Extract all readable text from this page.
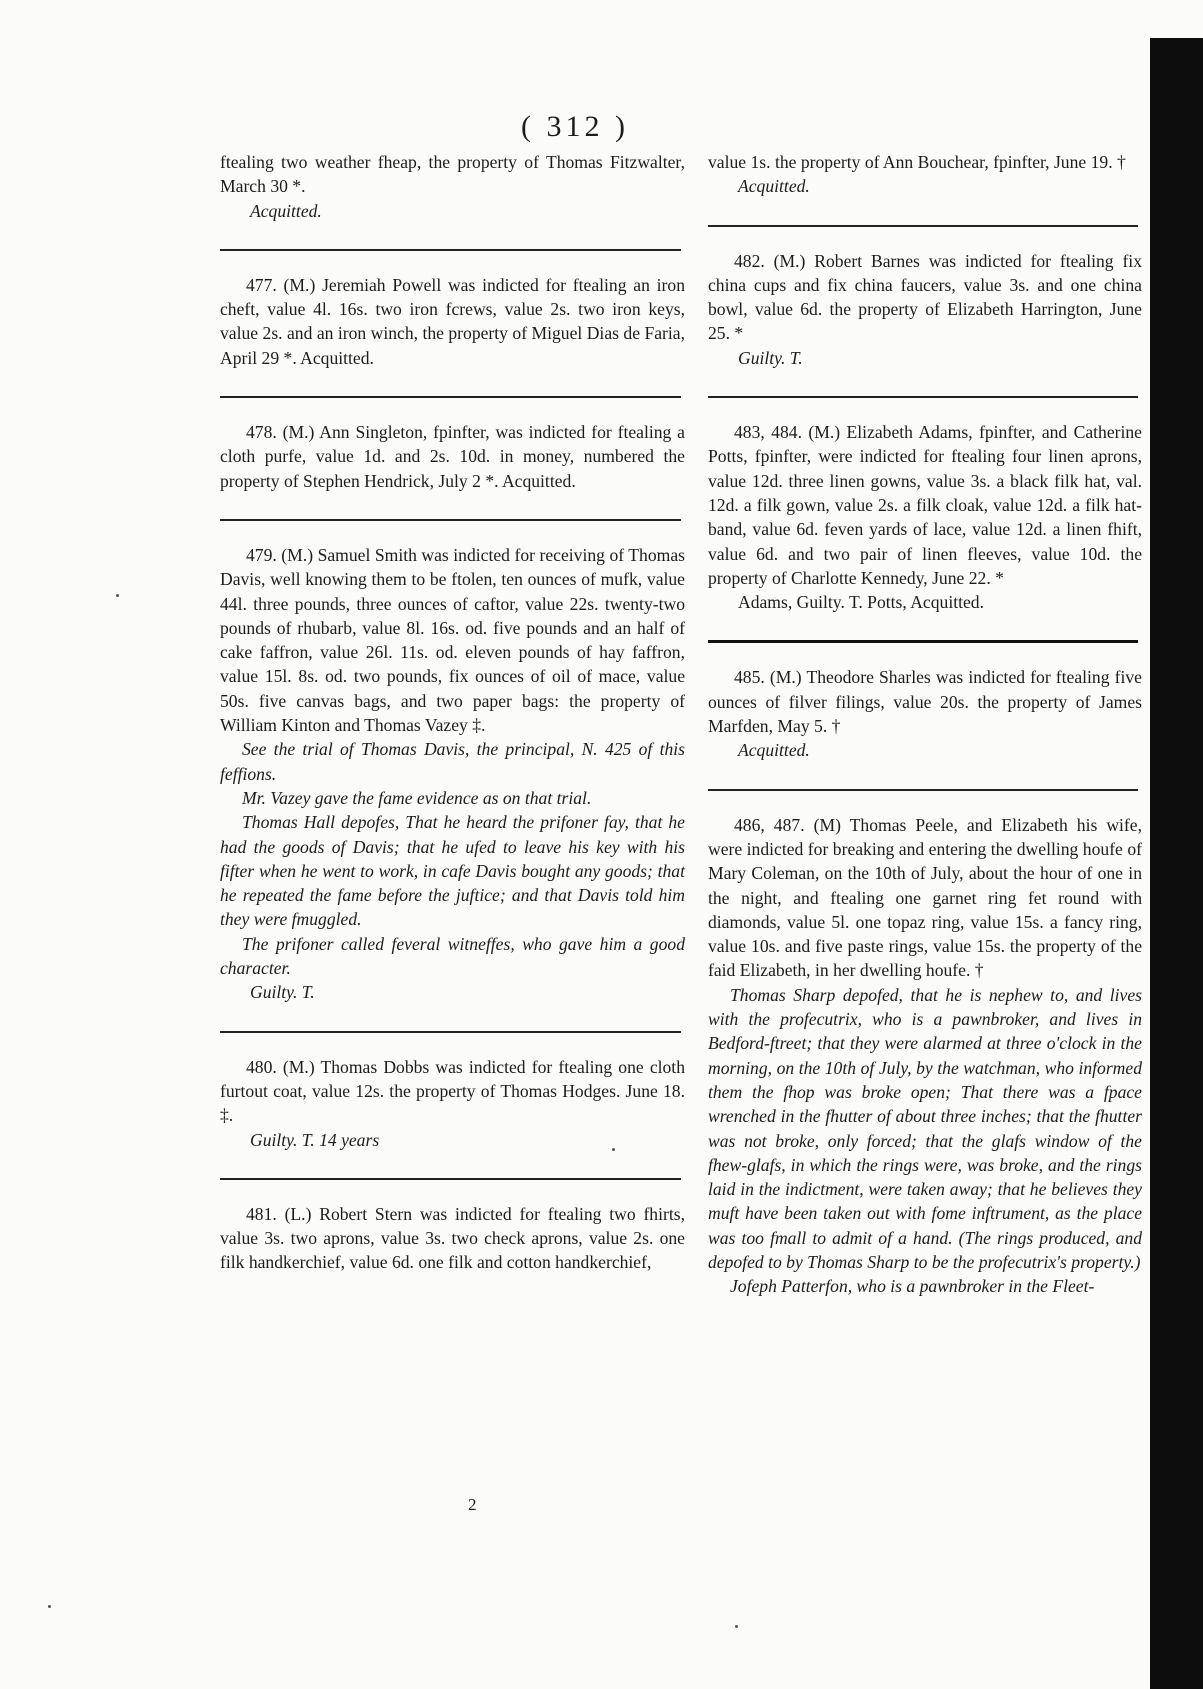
( 312 )

ftealing two weather fheap, the property of Thomas Fitzwalter, March 30 *.

Acquitted.

477. (M.) Jeremiah Powell was indicted for ftealing an iron cheft, value 4l. 16s. two iron fcrews, value 2s. two iron keys, value 2s. and an iron winch, the property of Miguel Dias de Faria, April 29 *. Acquitted.

478. (M.) Ann Singleton, fpinfter, was indicted for ftealing a cloth purfe, value 1d. and 2s. 10d. in money, numbered the property of Stephen Hendrick, July 2 *. Acquitted.

479. (M.) Samuel Smith was indicted for receiving of Thomas Davis, well knowing them to be ftolen, ten ounces of mufk, value 44l. three pounds, three ounces of caftor, value 22s. twenty-two pounds of rhubarb, value 8l. 16s. od. five pounds and an half of cake faffron, value 26l. 11s. od. eleven pounds of hay faffron, value 15l. 8s. od. two pounds, fix ounces of oil of mace, value 50s. five canvas bags, and two paper bags: the property of William Kinton and Thomas Vazey ‡.

See the trial of Thomas Davis, the principal, N. 425 of this feffions.

Mr. Vazey gave the fame evidence as on that trial.

Thomas Hall depofes, That he heard the prifoner fay, that he had the goods of Davis; that he ufed to leave his key with his fifter when he went to work, in cafe Davis bought any goods; that he repeated the fame before the juftice; and that Davis told him they were fmuggled.

The prifoner called feveral witneffes, who gave him a good character.

Guilty. T.

480. (M.) Thomas Dobbs was indicted for ftealing one cloth furtout coat, value 12s. the property of Thomas Hodges. June 18. ‡.

Guilty. T. 14 years

481. (L.) Robert Stern was indicted for ftealing two fhirts, value 3s. two aprons, value 3s. two check aprons, value 2s. one filk handkerchief, value 6d. one filk and cotton handkerchief,

value 1s. the property of Ann Bouchear, fpinfter, June 19. †

Acquitted.

482. (M.) Robert Barnes was indicted for ftealing fix china cups and fix china faucers, value 3s. and one china bowl, value 6d. the property of Elizabeth Harrington, June 25. *

Guilty. T.

483, 484. (M.) Elizabeth Adams, fpinfter, and Catherine Potts, fpinfter, were indicted for ftealing four linen aprons, value 12d. three linen gowns, value 3s. a black filk hat, val. 12d. a filk gown, value 2s. a filk cloak, value 12d. a filk hat-band, value 6d. feven yards of lace, value 12d. a linen fhift, value 6d. and two pair of linen fleeves, value 10d. the property of Charlotte Kennedy, June 22. *

Adams, Guilty. T. Potts, Acquitted.

485. (M.) Theodore Sharles was indicted for ftealing five ounces of filver filings, value 20s. the property of James Marfden, May 5. †

Acquitted.

486, 487. (M) Thomas Peele, and Elizabeth his wife, were indicted for breaking and entering the dwelling houfe of Mary Coleman, on the 10th of July, about the hour of one in the night, and ftealing one garnet ring fet round with diamonds, value 5l. one topaz ring, value 15s. a fancy ring, value 10s. and five paste rings, value 15s. the property of the faid Elizabeth, in her dwelling houfe. †

Thomas Sharp depofed, that he is nephew to, and lives with the profecutrix, who is a pawnbroker, and lives in Bedford-ftreet; that they were alarmed at three o'clock in the morning, on the 10th of July, by the watchman, who informed them the fhop was broke open; That there was a fpace wrenched in the fhutter of about three inches; that the fhutter was not broke, only forced; that the glafs window of the fhew-glafs, in which the rings were, was broke, and the rings laid in the indictment, were taken away; that he believes they muft have been taken out with fome inftrument, as the place was too fmall to admit of a hand. (The rings produced, and depofed to by Thomas Sharp to be the profecutrix's property.)

Jofeph Patterfon, who is a pawnbroker in the Fleet-

2
